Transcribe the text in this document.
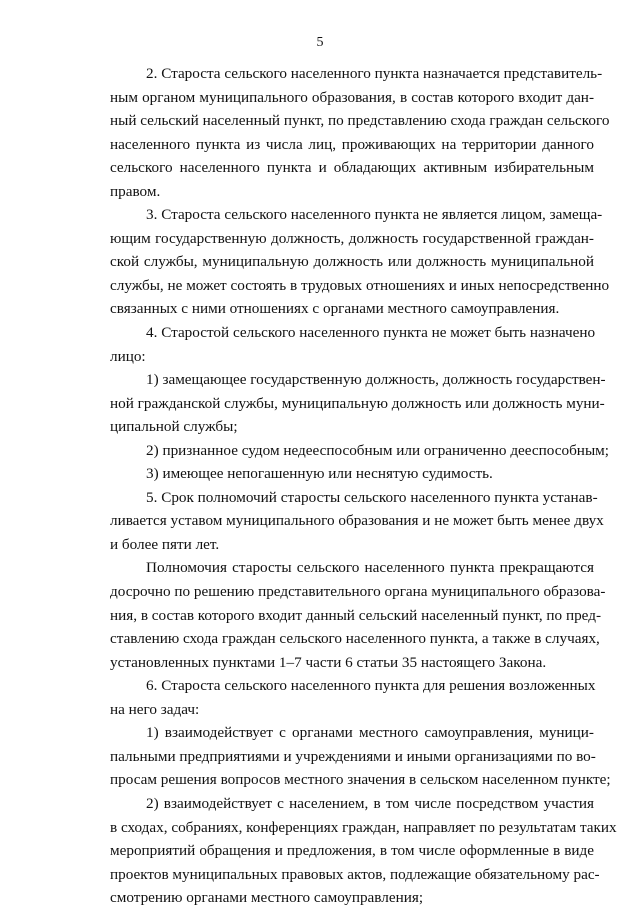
5
2. Староста сельского населенного пункта назначается представитель-
ным органом муниципального образования, в состав которого входит дан-
ный сельский населенный пункт, по представлению схода граждан сельского
населенного пункта из числа лиц, проживающих на территории данного
сельского населенного пункта и обладающих активным избирательным
правом.
3. Староста сельского населенного пункта не является лицом, замеща-
ющим государственную должность, должность государственной граждан-
ской службы, муниципальную должность или должность муниципальной
службы, не может состоять в трудовых отношениях и иных непосредственно
связанных с ними отношениях с органами местного самоуправления.
4. Старостой сельского населенного пункта не может быть назначено
лицо:
1) замещающее государственную должность, должность государствен-
ной гражданской службы, муниципальную должность или должность муни-
ципальной службы;
2) признанное судом недееспособным или ограниченно дееспособным;
3) имеющее непогашенную или неснятую судимость.
5. Срок полномочий старосты сельского населенного пункта устанав-
ливается уставом муниципального образования и не может быть менее двух
и более пяти лет.
Полномочия старосты сельского населенного пункта прекращаются
досрочно по решению представительного органа муниципального образова-
ния, в состав которого входит данный сельский населенный пункт, по пред-
ставлению схода граждан сельского населенного пункта, а также в случаях,
установленных пунктами 1–7 части 6 статьи 35 настоящего Закона.
6. Староста сельского населенного пункта для решения возложенных
на него задач:
1) взаимодействует с органами местного самоуправления, муници-
пальными предприятиями и учреждениями и иными организациями по во-
просам решения вопросов местного значения в сельском населенном пункте;
2) взаимодействует с населением, в том числе посредством участия
в сходах, собраниях, конференциях граждан, направляет по результатам таких
мероприятий обращения и предложения, в том числе оформленные в виде
проектов муниципальных правовых актов, подлежащие обязательному рас-
смотрению органами местного самоуправления;
